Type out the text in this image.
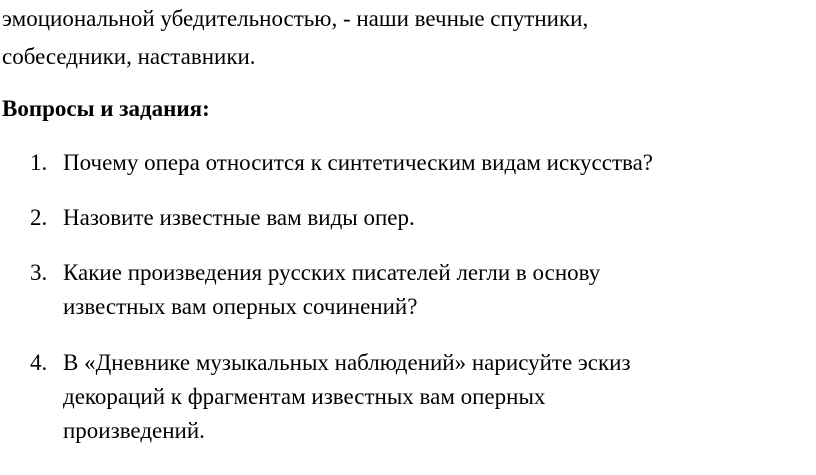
эмоциональной убедительностью, - наши вечные спутники,
собеседники, наставники.
Вопросы и задания:
1. Почему опера относится к синтетическим видам искусства?
2. Назовите известные вам виды опер.
3. Какие произведения русских писателей легли в основу
известных вам оперных сочинений?
4. В «Дневнике музыкальных наблюдений» нарисуйте эскиз
декораций к фрагментам известных вам оперных
произведений.
